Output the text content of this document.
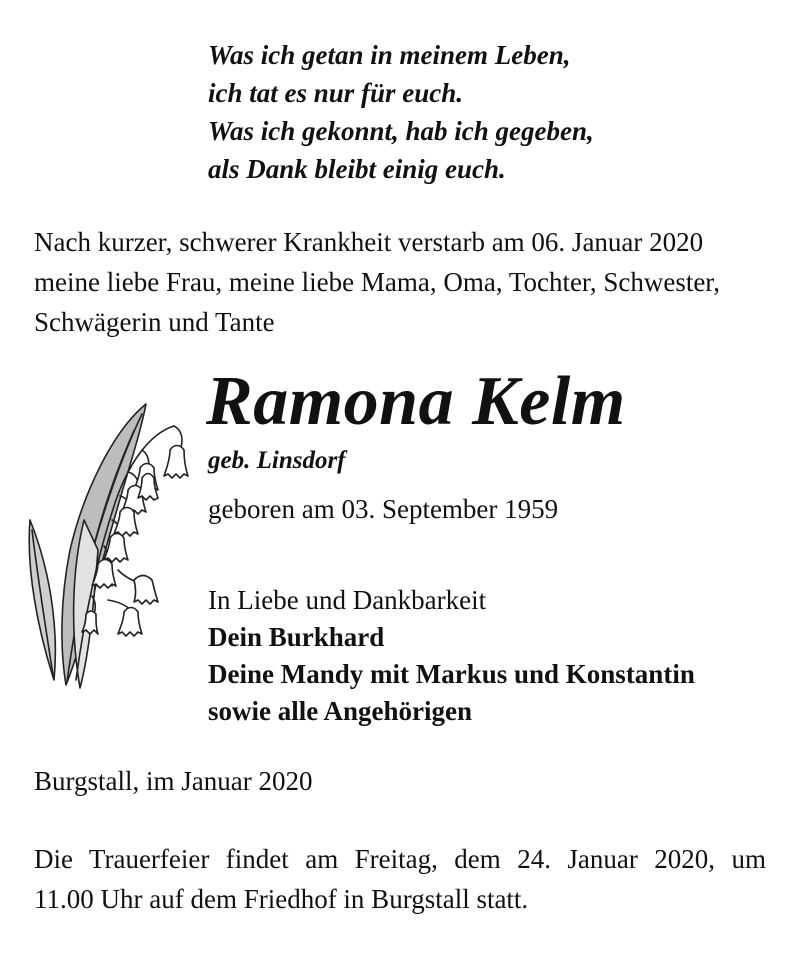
Was ich getan in meinem Leben,
ich tat es nur für euch.
Was ich gekonnt, hab ich gegeben,
als Dank bleibt einig euch.
Nach kurzer, schwerer Krankheit verstarb am 06. Januar 2020
meine liebe Frau, meine liebe Mama, Oma, Tochter, Schwester,
Schwägerin und Tante
Ramona Kelm
geb. Linsdorf
geboren am 03. September 1959
In Liebe und Dankbarkeit
Dein Burkhard
Deine Mandy mit Markus und Konstantin
sowie alle Angehörigen
Burgstall, im Januar 2020
Die Trauerfeier findet am Freitag, dem 24. Januar 2020, um
11.00 Uhr auf dem Friedhof in Burgstall statt.
